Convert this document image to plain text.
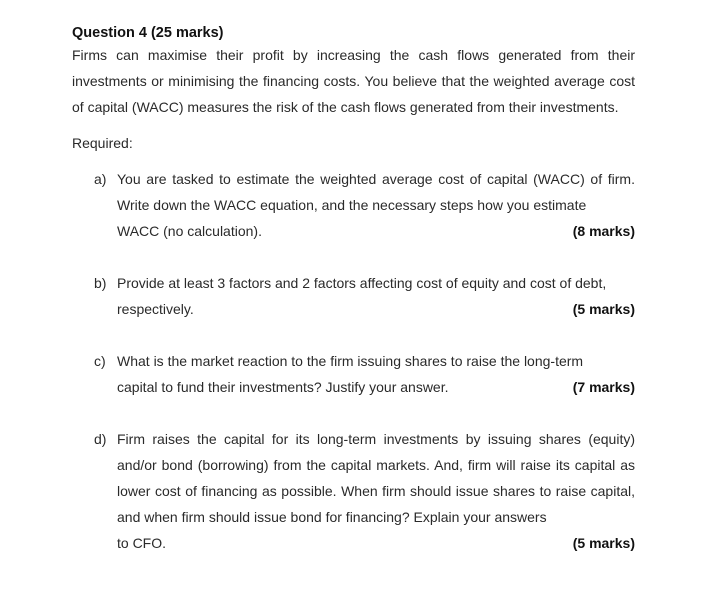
Question 4 (25 marks)

Firms can maximise their profit by increasing the cash flows generated from their investments or minimising the financing costs. You believe that the weighted average cost of capital (WACC) measures the risk of the cash flows generated from their investments.

Required:

a) You are tasked to estimate the weighted average cost of capital (WACC) of firm. Write down the WACC equation, and the necessary steps how you estimate
WACC (no calculation).	(8 marks)
b) Provide at least 3 factors and 2 factors affecting cost of equity and cost of debt,
respectively.	(5 marks)
c) What is the market reaction to the firm issuing shares to raise the long-term
capital to fund their investments? Justify your answer.	(7 marks)
d) Firm raises the capital for its long-term investments by issuing shares (equity) and/or bond (borrowing) from the capital markets. And, firm will raise its capital as lower cost of financing as possible. When firm should issue shares to raise capital, and when firm should issue bond for financing? Explain your answers
to CFO.	(5 marks)
